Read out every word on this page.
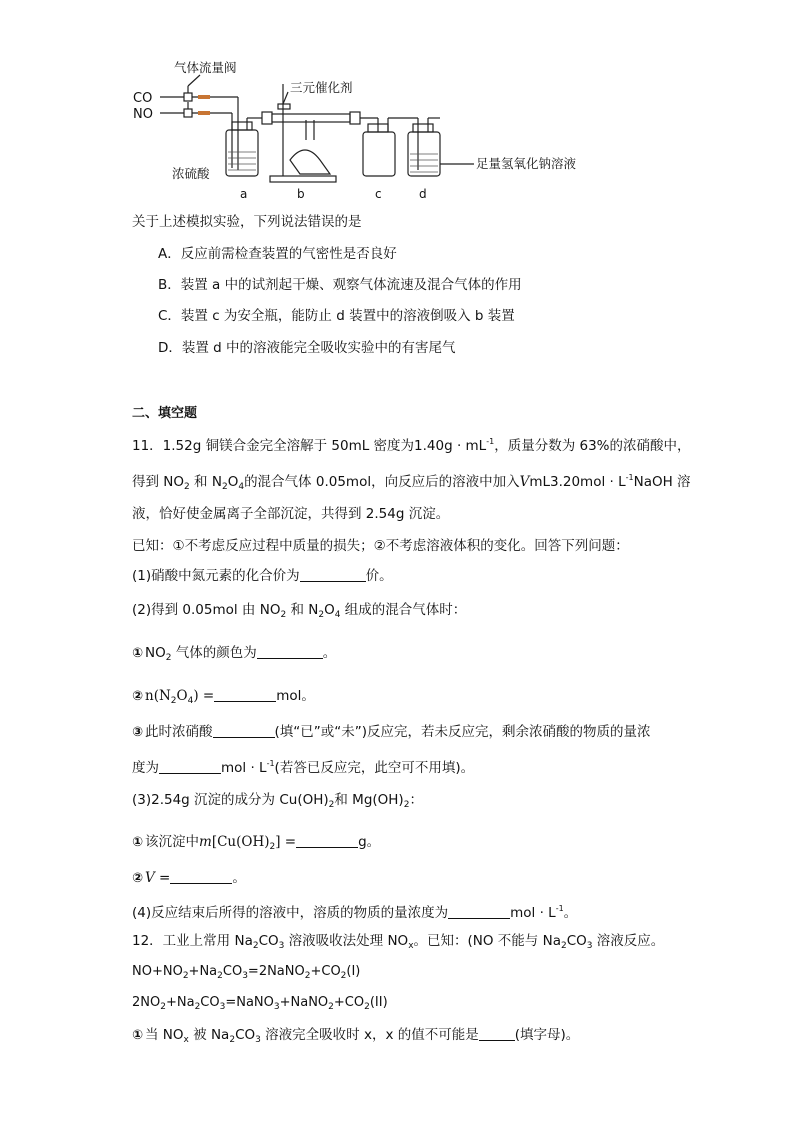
气体流量阀
CO
NO
三元催化剂
浓硫酸
足量氢氧化钠溶液
a	b	c	d
关于上述模拟实验，下列说法错误的是
A．反应前需检查装置的气密性是否良好
B．装置 a 中的试剂起干燥、观察气体流速及混合气体的作用
C．装置 c 为安全瓶，能防止 d 装置中的溶液倒吸入 b 装置
D．装置 d 中的溶液能完全吸收实验中的有害尾气
二、填空题
11．1.52g 铜镁合金完全溶解于 50mL 密度为$1.40g \cdot mL^{-1}$，质量分数为 63%的浓硝酸中，
得到 $NO_2$ 和 $N_2O_4$的混合气体 0.05mol，向反应后的溶液中加入$VmL3.20mol \cdot L^{-1}NaOH$ 溶
液，恰好使金属离子全部沉淀，共得到 2.54g 沉淀。
已知：①不考虑反应过程中质量的损失；②不考虑溶液体积的变化。回答下列问题：
(1)硝酸中氮元素的化合价为	价。
(2)得到 0.05mol 由 $NO_2$ 和 $N_2O_4$ 组成的混合气体时：
① $NO_2$ 气体的颜色为	。
② $n(N_2O_4)$ =	mol。
③ 此时浓硝酸	(填“已”或“未”)反应完，若未反应完，剩余浓硝酸的物质的量浓
度为	mol · $L^{-1}$(若答已反应完，此空可不用填)。
(3)2.54g 沉淀的成分为 $Cu(OH)_2$和 $Mg(OH)_2$：
① 该沉淀中$m[Cu(OH)_2]$ =	g。
② V =	。
(4)反应结束后所得的溶液中，溶质的物质的量浓度为	mol · $L^{-1}$。
12．工业上常用 $Na_2CO_3$ 溶液吸收法处理 $NO_x$。已知：(NO 不能与 $Na_2CO_3$ 溶液反应。
$NO+NO_2+Na_2CO_3=2NaNO_2+CO_2(I)$
$2NO_2+Na_2CO_3=NaNO_3+NaNO_2+CO_2(II)$
① 当 $NO_x$ 被 $Na_2CO_3$ 溶液完全吸收时 x，x 的值不可能是	(填字母)。
